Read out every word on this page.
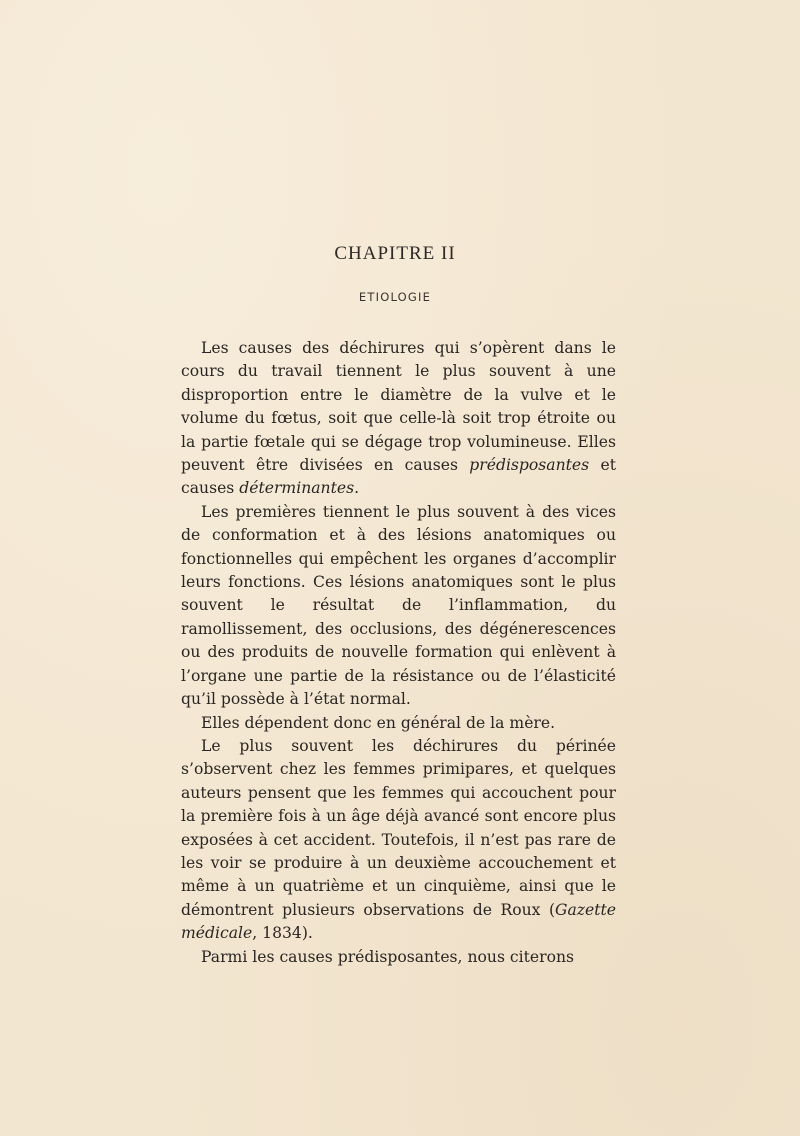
CHAPITRE II
ETIOLOGIE

Les causes des déchirures qui s’opèrent dans le cours du travail tiennent le plus souvent à une disproportion entre le diamètre de la vulve et le volume du fœtus, soit que celle-là soit trop étroite ou la partie fœtale qui se dégage trop volumineuse. Elles peuvent être divisées en causes prédisposantes et causes déterminantes.

Les premières tiennent le plus souvent à des vices de conformation et à des lésions anatomiques ou fonctionnelles qui empêchent les organes d’accomplir leurs fonctions. Ces lésions anatomiques sont le plus souvent le résultat de l’inflammation, du ramollissement, des occlusions, des dégénerescences ou des produits de nouvelle formation qui enlèvent à l’organe une partie de la résistance ou de l’élasticité qu’il possède à l’état normal.

Elles dépendent donc en général de la mère.

Le plus souvent les déchirures du périnée s’observent chez les femmes primipares, et quelques auteurs pensent que les femmes qui accouchent pour la première fois à un âge déjà avancé sont encore plus exposées à cet accident. Toutefois, il n’est pas rare de les voir se produire à un deuxième accouchement et même à un quatrième et un cinquième, ainsi que le démontrent plusieurs observations de Roux (Gazette médicale, 1834).

Parmi les causes prédisposantes, nous citerons
